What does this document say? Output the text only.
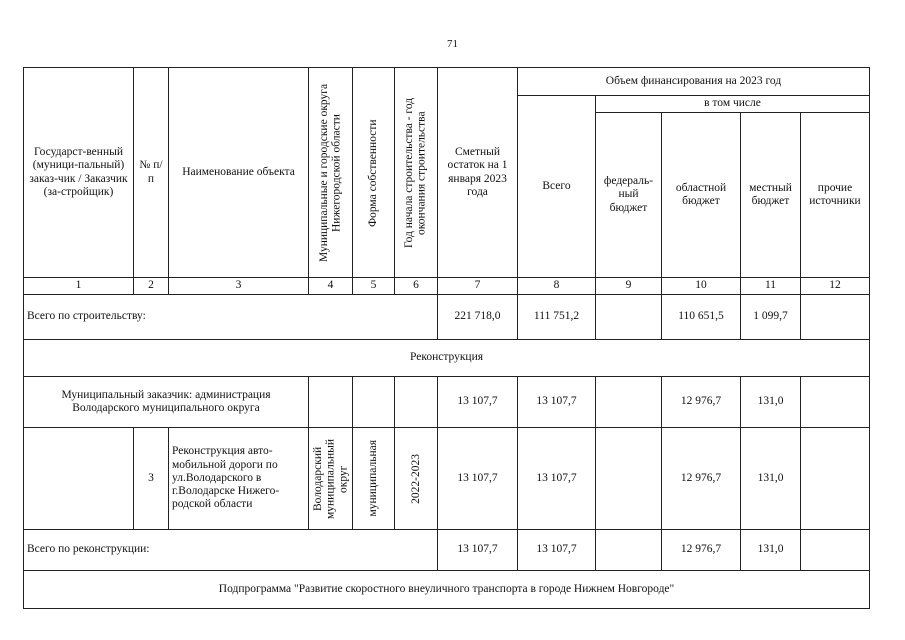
71
Государст-венный (муници-пальный) заказ-чик / Заказчик (за-стройщик)	№ п/п	Наименование объекта	Муниципальные и городские округа Нижегородской области	Форма собственности	Год начала строительства - год окончания строительства	Сметный остаток на 1 января 2023 года	Объем финансирования на 2023 год				
							Всего	в том числе			
								федераль-ный бюджет	областной бюджет	местный бюджет	прочие источники
1	2	3	4	5	6	7	8	9	10	11	12
Всего по строительству:						221 718,0	111 751,2		110 651,5	1 099,7	
Реконструкция											
Муниципальный заказчик: администрация Володарского муниципального округа						13 107,7	13 107,7		12 976,7	131,0	
	3	Реконструкция авто-мобильной дороги по ул.Володарского в г.Володарске Нижего-родской области	Володарский муниципальный округ	муниципальная	2022-2023	13 107,7	13 107,7		12 976,7	131,0	
Всего по реконструкции:						13 107,7	13 107,7		12 976,7	131,0	
Подпрограмма "Развитие скоростного внеуличного транспорта в городе Нижнем Новгороде"											
